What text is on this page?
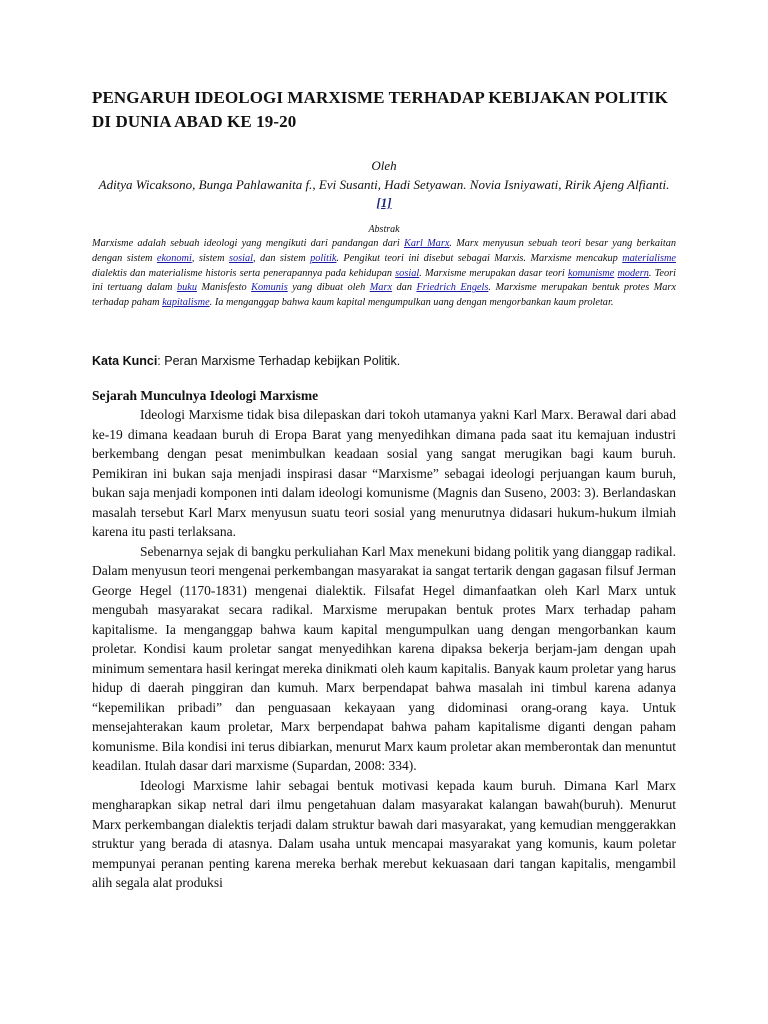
PENGARUH IDEOLOGI MARXISME TERHADAP KEBIJAKAN POLITIK DI DUNIA ABAD KE 19-20
Oleh
Aditya Wicaksono, Bunga Pahlawanita f., Evi Susanti, Hadi Setyawan. Novia Isniyawati, Ririk Ajeng Alfianti.[1]
Abstrak

Marxisme adalah sebuah ideologi yang mengikuti dari pandangan dari Karl Marx. Marx menyusun sebuah teori besar yang berkaitan dengan sistem ekonomi, sistem sosial, dan sistem politik. Pengikut teori ini disebut sebagai Marxis. Marxisme mencakup materialisme dialektis dan materialisme historis serta penerapannya pada kehidupan sosial. Marxisme merupakan dasar teori komunisme modern. Teori ini tertuang dalam buku Manisfesto Komunis yang dibuat oleh Marx dan Friedrich Engels. Marxisme merupakan bentuk protes Marx terhadap paham kapitalisme. Ia menganggap bahwa kaum kapital mengumpulkan uang dengan mengorbankan kaum proletar.

Kata Kunci: Peran Marxisme Terhadap kebijkan Politik.

Sejarah Munculnya Ideologi Marxisme

Ideologi Marxisme tidak bisa dilepaskan dari tokoh utamanya yakni Karl Marx. Berawal dari abad ke-19 dimana keadaan buruh di Eropa Barat yang menyedihkan dimana pada saat itu kemajuan industri berkembang dengan pesat menimbulkan keadaan sosial yang sangat merugikan bagi kaum buruh. Pemikiran ini bukan saja menjadi inspirasi dasar “Marxisme” sebagai ideologi perjuangan kaum buruh, bukan saja menjadi komponen inti dalam ideologi komunisme (Magnis dan Suseno, 2003: 3). Berlandaskan masalah tersebut Karl Marx menyusun suatu teori sosial yang menurutnya didasari hukum-hukum ilmiah karena itu pasti terlaksana.

Sebenarnya sejak di bangku perkuliahan Karl Max menekuni bidang politik yang dianggap radikal. Dalam menyusun teori mengenai perkembangan masyarakat ia sangat tertarik dengan gagasan filsuf Jerman George Hegel (1170-1831) mengenai dialektik. Filsafat Hegel dimanfaatkan oleh Karl Marx untuk mengubah masyarakat secara radikal. Marxisme merupakan bentuk protes Marx terhadap paham kapitalisme. Ia menganggap bahwa kaum kapital mengumpulkan uang dengan mengorbankan kaum proletar. Kondisi kaum proletar sangat menyedihkan karena dipaksa bekerja berjam-jam dengan upah minimum sementara hasil keringat mereka dinikmati oleh kaum kapitalis. Banyak kaum proletar yang harus hidup di daerah pinggiran dan kumuh. Marx berpendapat bahwa masalah ini timbul karena adanya “kepemilikan pribadi” dan penguasaan kekayaan yang didominasi orang-orang kaya. Untuk mensejahterakan kaum proletar, Marx berpendapat bahwa paham kapitalisme diganti dengan paham komunisme. Bila kondisi ini terus dibiarkan, menurut Marx kaum proletar akan memberontak dan menuntut keadilan. Itulah dasar dari marxisme (Supardan, 2008: 334).

Ideologi Marxisme lahir sebagai bentuk motivasi kepada kaum buruh. Dimana Karl Marx mengharapkan sikap netral dari ilmu pengetahuan dalam masyarakat kalangan bawah(buruh). Menurut Marx perkembangan dialektis terjadi dalam struktur bawah dari masyarakat, yang kemudian menggerakkan struktur yang berada di atasnya. Dalam usaha untuk mencapai masyarakat yang komunis, kaum poletar mempunyai peranan penting karena mereka berhak merebut kekuasaan dari tangan kapitalis, mengambil alih segala alat produksi
